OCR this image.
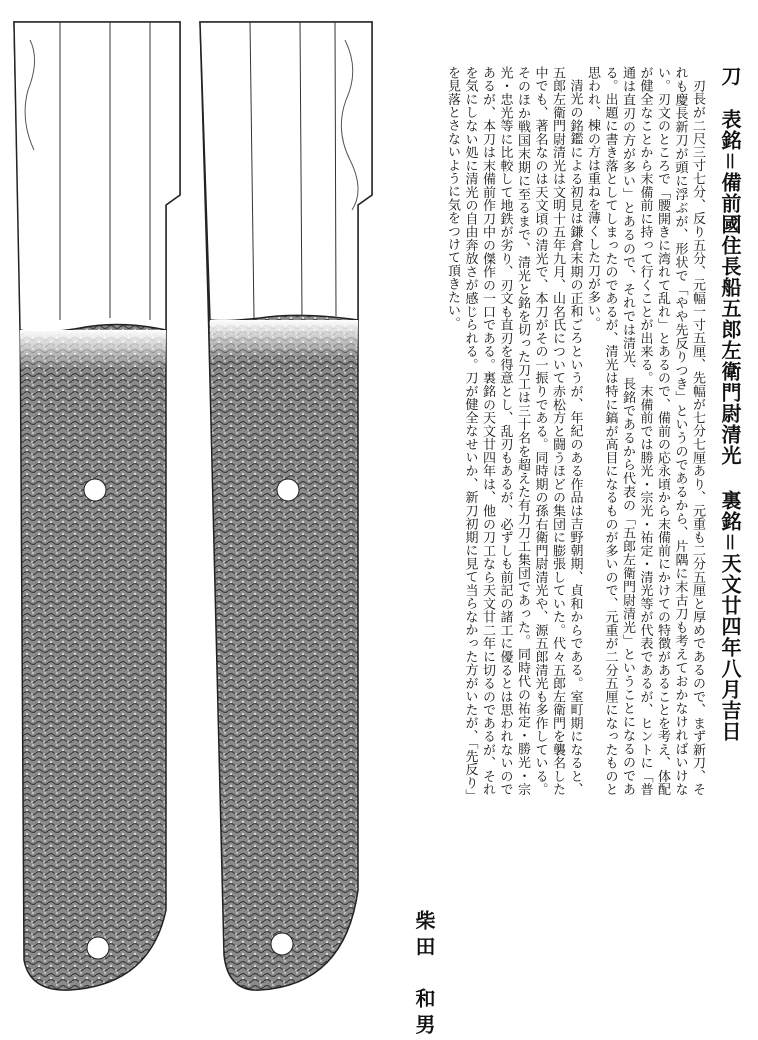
刀 表銘＝備前國住長船五郎左衛門尉清光 裏銘＝天文廿四年八月吉日

刃長が二尺三寸七分、反り五分、元幅一寸五厘、先幅が七分七厘あり、元重も二分五厘と厚めであるので、まず新刀、それも慶長新刀が頭に浮ぶが、形状で「やや先反りつき」というのであるから、片隅に末古刀も考えておかなければいけない。刃文のところで「腰開きに湾れて乱れ」とあるので、備前の応永頃から末備前にかけての特徴があることを考え、体配が健全なことから末備前に持って行くことが出来る。末備前では勝光・宗光・祐定・清光等が代表であるが、ヒントに「普通は直刃の方が多い」とあるので、それでは清光、長銘であるから代表の「五郎左衛門尉清光」ということになるのである。出題に書き落としてしまったのであるが、清光は特に鎬が高目になるものが多いので、元重が二分五厘になったものと思われ、棟の方は重ねを薄くした刀が多い。

清光の銘鑑による初見は鎌倉末期の正和ごろというが、年紀のある作品は吉野朝期、貞和からである。室町期になると、五郎左衛門尉清光は文明十五年九月、山名氏について赤松方と闘うほどの集団に膨張していた。代々五郎左衛門を襲名した中でも、著名なのは天文頃の清光で、本刀がその一振りである。同時期の孫右衛門尉清光や、源五郎清光も多作している。そのほか戦国末期に至るまで、清光と銘を切った刀工は三十名を超えた有力刀工集団であった。同時代の祐定・勝光・宗光・忠光等に比較して地鉄が劣り、刃文も直刃を得意とし、乱刃もあるが、必ずしも前記の諸工に優るとは思われないのであるが、本刀は末備前作刀中の傑作の一口である。裏銘の天文廿四年は、他の刀工なら天文廿二年に切るのであるが、それを気にしない処に清光の自由奔放さが感じられる。刀が健全なせいか、新刀初期に見て当らなかった方がいたが、「先反り」を見落とさないように気をつけて頂きたい。

柴田　和男
